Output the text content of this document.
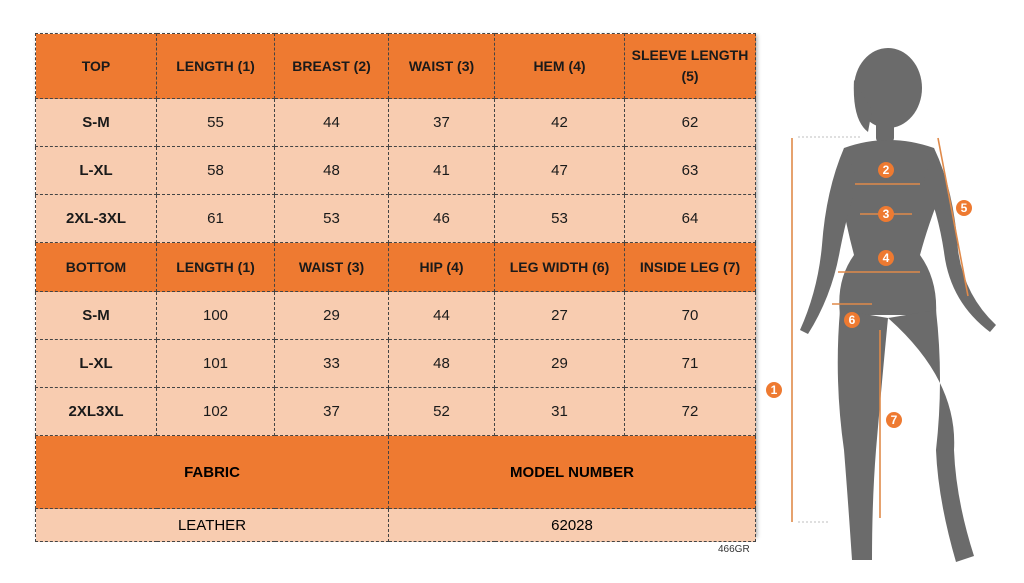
TOP	LENGTH (1)	BREAST (2)	WAIST (3)	HEM (4)	SLEEVE LENGTH (5)
S-M	55	44	37	42	62
L-XL	58	48	41	47	63
2XL-3XL	61	53	46	53	64
BOTTOM	LENGTH (1)	WAIST (3)	HIP (4)	LEG WIDTH (6)	INSIDE LEG (7)
S-M	100	29	44	27	70
L-XL	101	33	48	29	71
2XL3XL	102	37	52	31	72
FABRIC			MODEL NUMBER		
LEATHER			62028		
466GR
1
2
3
4
5
6
7
